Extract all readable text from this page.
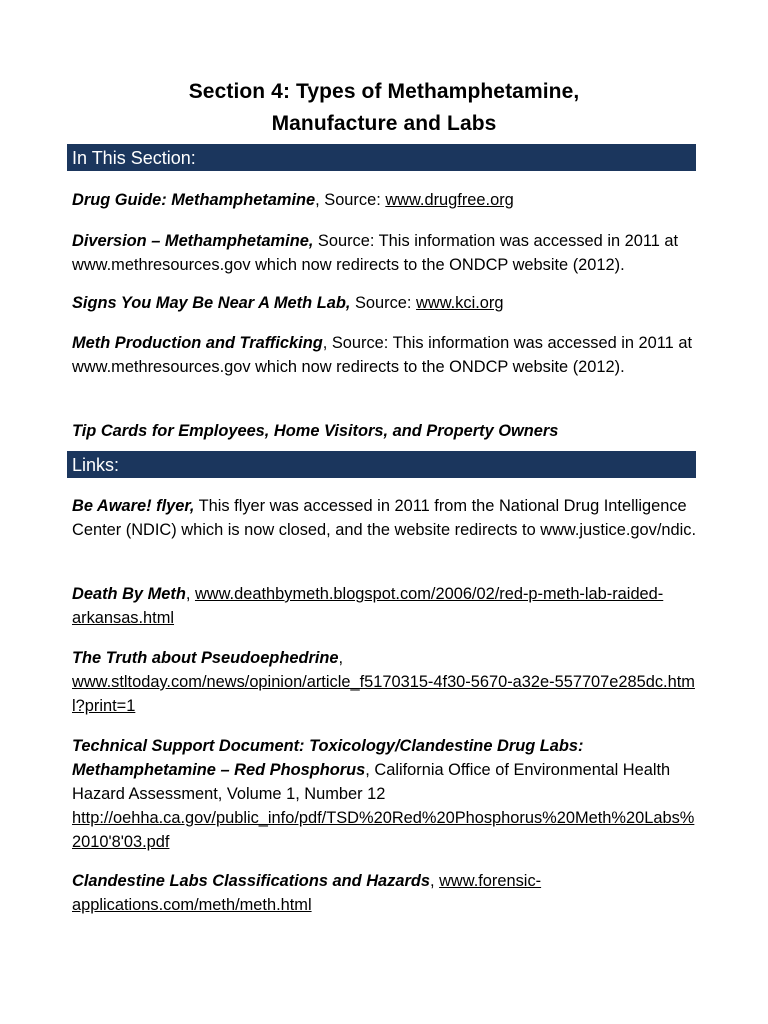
Section 4: Types of Methamphetamine,
Manufacture and Labs
In This Section:

Drug Guide: Methamphetamine, Source: www.drugfree.org

Diversion – Methamphetamine, Source: This information was accessed in 2011 at www.methresources.gov which now redirects to the ONDCP website (2012).

Signs You May Be Near A Meth Lab, Source: www.kci.org

Meth Production and Trafficking, Source: This information was accessed in 2011 at www.methresources.gov which now redirects to the ONDCP website (2012).

Tip Cards for Employees, Home Visitors, and Property Owners

Links:

Be Aware! flyer, This flyer was accessed in 2011 from the National Drug Intelligence Center (NDIC) which is now closed, and the website redirects to www.justice.gov/ndic.

Death By Meth, www.deathbymeth.blogspot.com/2006/02/red-p-meth-lab-raided-arkansas.html

The Truth about Pseudoephedrine,
www.stltoday.com/news/opinion/article_f5170315-4f30-5670-a32e-557707e285dc.html?print=1

Technical Support Document: Toxicology/Clandestine Drug Labs: Methamphetamine – Red Phosphorus, California Office of Environmental Health Hazard Assessment, Volume 1, Number 12
http://oehha.ca.gov/public_info/pdf/TSD%20Red%20Phosphorus%20Meth%20Labs%2010'8'03.pdf

Clandestine Labs Classifications and Hazards, www.forensic-applications.com/meth/meth.html
